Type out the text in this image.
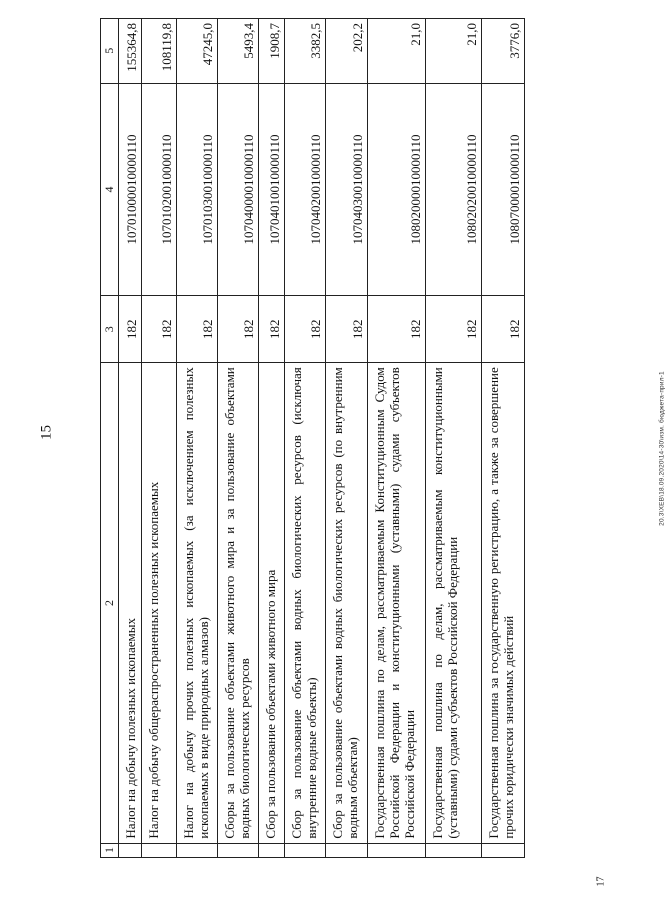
15	20.3\XEB\18.09.2020\14-30\изм. бюджета-прил-1
17
1	2	3	4	5
	Налог на добычу полезных ископаемых	182	10701000010000110	155364,8
	Налог на добычу общераспространенных полезных ископаемых	182	10701020010000110	108119,8
	Налог на добычу прочих полезных ископаемых (за исключением полезных ископаемых в виде природных алмазов)	182	10701030010000110	47245,0
	Сборы за пользование объектами животного мира и за пользование объектами водных биологических ресурсов	182	10704000010000110	5493,4
	Сбор за пользование объектами животного мира	182	10704010010000110	1908,7
	Сбор за пользование объектами водных биологических ресурсов (исключая внутренние водные объекты)	182	10704020010000110	3382,5
	Сбор за пользование объектами водных биологических ресурсов (по внутренним водным объектам)	182	10704030010000110	202,2
	Государственная пошлина по делам, рассматриваемым Конституционным Судом Российской Федерации и конституционными (уставными) судами субъектов Российской Федерации	182	10802000010000110	21,0
	Государственная пошлина по делам, рассматриваемым конституционными (уставными) судами субъектов Российской Федерации	182	10802020010000110	21,0
	Государственная пошлина за государственную регистрацию, а также за совершение прочих юридически значимых действий	182	10807000010000110	3776,0
